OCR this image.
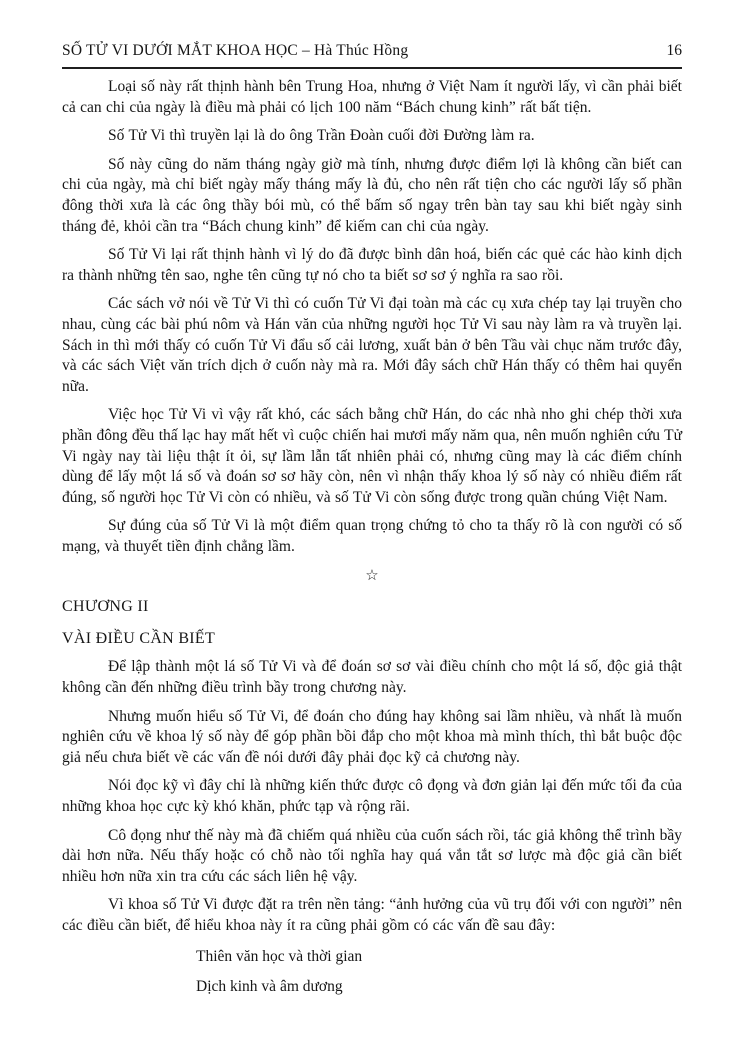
SỐ TỬ VI DƯỚI MẮT KHOA HỌC – Hà Thúc Hồng	16

Loại số này rất thịnh hành bên Trung Hoa, nhưng ở Việt Nam ít người lấy, vì cần phải biết cả can chi của ngày là điều mà phải có lịch 100 năm “Bách chung kinh” rất bất tiện.

Số Tử Vi thì truyền lại là do ông Trần Đoàn cuối đời Đường làm ra.

Số này cũng do năm tháng ngày giờ mà tính, nhưng được điểm lợi là không cần biết can chi của ngày, mà chỉ biết ngày mấy tháng mấy là đủ, cho nên rất tiện cho các người lấy số phần đông thời xưa là các ông thầy bói mù, có thể bấm số ngay trên bàn tay sau khi biết ngày sinh tháng đẻ, khỏi cần tra “Bách chung kinh” để kiếm can chi của ngày.

Số Tử Vi lại rất thịnh hành vì lý do đã được bình dân hoá, biến các quẻ các hào kinh dịch ra thành những tên sao, nghe tên cũng tự nó cho ta biết sơ sơ ý nghĩa ra sao rồi.

Các sách vở nói về Tử Vi thì có cuốn Tử Vi đại toàn mà các cụ xưa chép tay lại truyền cho nhau, cùng các bài phú nôm và Hán văn của những người học Tử Vi sau này làm ra và truyền lại. Sách in thì mới thấy có cuốn Tử Vi đẩu số cải lương, xuất bản ở bên Tầu vài chục năm trước đây, và các sách Việt văn trích dịch ở cuốn này mà ra. Mới đây sách chữ Hán thấy có thêm hai quyển nữa.

Việc học Tử Vi vì vậy rất khó, các sách bằng chữ Hán, do các nhà nho ghi chép thời xưa phần đông đều thấ lạc hay mất hết vì cuộc chiến hai mươi mấy năm qua, nên muốn nghiên cứu Tử Vi ngày nay tài liệu thật ít ỏi, sự lầm lẫn tất nhiên phải có, nhưng cũng may là các điểm chính dùng để lấy một lá số và đoán sơ sơ hãy còn, nên vì nhận thấy khoa lý số này có nhiều điểm rất đúng, số người học Tử Vi còn có nhiều, và số Tử Vi còn sống được trong quần chúng Việt Nam.

Sự đúng của số Tử Vi là một điểm quan trọng chứng tỏ cho ta thấy rõ là con người có số mạng, và thuyết tiền định chẳng lầm.

☆
CHƯƠNG II
VÀI ĐIỀU CẦN BIẾT

Để lập thành một lá số Tử Vi và để đoán sơ sơ vài điều chính cho một lá số, độc giả thật không cần đến những điều trình bầy trong chương này.

Nhưng muốn hiểu số Tử Vi, để đoán cho đúng hay không sai lầm nhiều, và nhất là muốn nghiên cứu về khoa lý số này để góp phần bồi đắp cho một khoa mà mình thích, thì bắt buộc độc giả nếu chưa biết về các vấn đề nói dưới đây phải đọc kỹ cả chương này.

Nói đọc kỹ vì đây chỉ là những kiến thức được cô đọng và đơn giản lại đến mức tối đa của những khoa học cực kỳ khó khăn, phức tạp và rộng rãi.

Cô đọng như thế này mà đã chiếm quá nhiều của cuốn sách rồi, tác giả không thể trình bầy dài hơn nữa. Nếu thấy hoặc có chỗ nào tối nghĩa hay quá vắn tắt sơ lược mà độc giả cần biết nhiều hơn nữa xin tra cứu các sách liên hệ vậy.

Vì khoa số Tử Vi được đặt ra trên nền tảng: “ảnh hưởng của vũ trụ đối với con người” nên các điều cần biết, để hiểu khoa này ít ra cũng phải gồm có các vấn đề sau đây:

Thiên văn học và thời gian
Dịch kinh và âm dương
